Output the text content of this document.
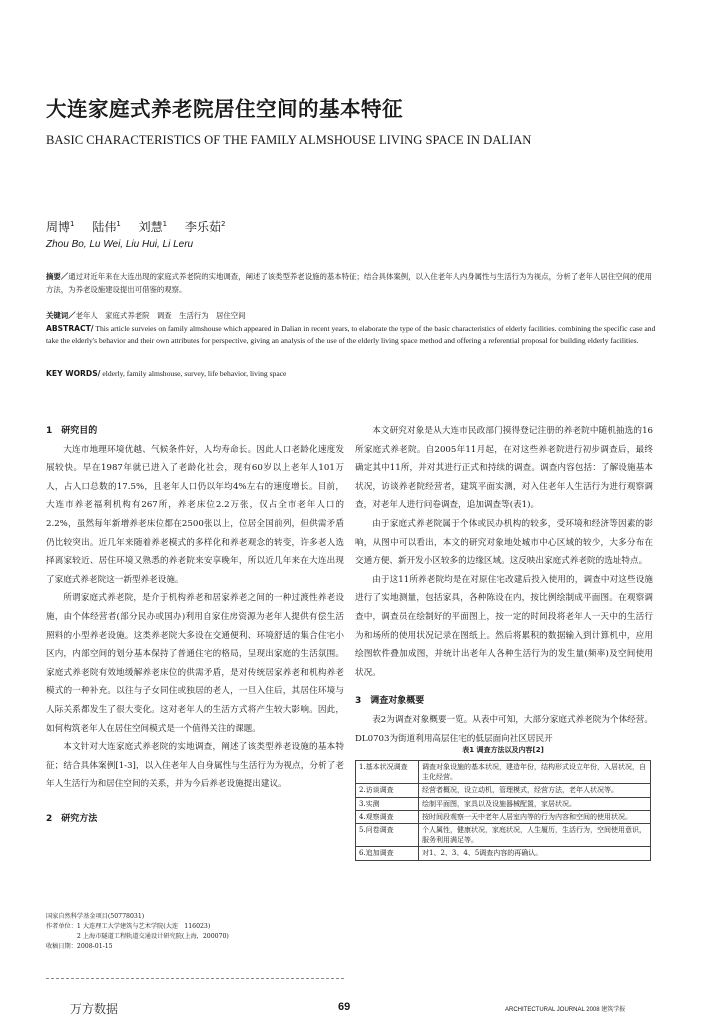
大连家庭式养老院居住空间的基本特征
BASIC CHARACTERISTICS OF THE FAMILY ALMSHOUSE LIVING SPACE IN DALIAN
周博$^1$ 陆伟$^1$ 刘慧$^1$ 李乐茹$^2$
Zhou Bo, Lu Wei, Liu Hui, Li Leru
摘要／通过对近年来在大连出现的家庭式养老院的实地调查，阐述了该类型养老设施的基本特征；结合具体案例，以入住老年人内身属性与生活行为为视点，分析了老年人居住空间的使用方法，为养老设施建设提出可借鉴的观察。
关键词／老年人　家庭式养老院　调查　生活行为　居住空间
ABSTRACT/ This article surveies on family almshouse which appeared in Dalian in recent years, to elaborate the type of the basic characteristics of elderly facilities. combining the specific case and take the elderly's behavior and their own attributes for perspective, giving an analysis of the use of the elderly living space method and offering a referential proposal for building elderly facilities.
KEY WORDS/ elderly, family almshouse, survey, life behavior, living space
1　研究目的

大连市地理环境优越、气候条件好，人均寿命长。因此人口老龄化速度发展较快。早在1987年就已进入了老龄化社会，现有60岁以上老年人101万人，占人口总数的17.5%，且老年人口仍以年均4%左右的速度增长。目前，大连市养老福利机构有267所，养老床位2.2万张，仅占全市老年人口的2.2%，虽然每年新增养老床位都在2500张以上，位居全国前列，但供需矛盾仍比较突出。近几年来随着养老模式的多样化和养老观念的转变，许多老人选择离家较近、居住环境又熟悉的养老院来安享晚年，所以近几年来在大连出现了家庭式养老院这一新型养老设施。

所谓家庭式养老院，是介于机构养老和居家养老之间的一种过渡性养老设施，由个体经营者(部分民办或国办)利用自家住房资源为老年人提供有偿生活照料的小型养老设施。这类养老院大多设在交通便利、环境舒适的集合住宅小区内，内部空间的划分基本保持了普通住宅的格局，呈现出家庭的生活氛围。家庭式养老院有效地缓解养老床位的供需矛盾，是对传统居家养老和机构养老模式的一种补充。以往与子女同住或独居的老人，一旦入住后，其居住环境与人际关系都发生了很大变化。这对老年人的生活方式将产生较大影响。因此，如何构筑老年人在居住空间模式是一个值得关注的课题。

本文针对大连家庭式养老院的实地调查，阐述了该类型养老设施的基本特征；结合具体案例[1-3]，以入住老年人自身属性与生活行为为视点，分析了老年人生活行为和居住空间的关系，并为今后养老设施提出建议。

2　研究方法

本文研究对象是从大连市民政部门摸得登记注册的养老院中随机抽选的16所家庭式养老院。自2005年11月起，在对这些养老院进行初步调查后，最终确定其中11所，并对其进行正式和持续的调查。调查内容包括：了解设施基本状况，访谈养老院经营者，建筑平面实测，对入住老年人生活行为进行观察调查，对老年人进行问卷调查，追加调查等(表1)。

由于家庭式养老院属于个体或民办机构的较多，受环境和经济等因素的影响，从图中可以看出，本文的研究对象地处城市中心区域的较少，大多分布在交通方便、新开发小区较多的边缘区域。这反映出家庭式养老院的选址特点。

由于这11所养老院均是在对原住宅改建后投入使用的，调查中对这些设施进行了实地测量，包括家具，各种陈设在内，按比例绘制成平面图。在观察调查中，调查员在绘制好的平面图上，按一定的时间段将老年人一天中的生活行为和场所的使用状况记录在图纸上。然后将累积的数据输入到计算机中，应用绘图软件叠加成图，并统计出老年人各种生活行为的发生量(频率)及空间使用状况。

3　调查对象概要

表2为调查对象概要一览。从表中可知，大部分家庭式养老院为个体经营。DL0703为街道利用高层住宅的低层面向社区居民开

表1 调查方法以及内容[2]
1.基本状况调查	调查对象设施的基本状况，建造年份，结构形式设立年份，入居状况，自主化经营。
2.访谈调查	经营者概况，设立动机，管理模式，经营方法，老年人状况等。
3.实测	绘制平面图，家具以及设施器械配置，家居状况。
4.观察调查	按时间段观察一天中老年人居室内等的行为内容和空间的使用状况。
5.问卷调查	个人属性，健康状况，家庭状况，人生履历，生活行为，空间使用意识，服务利用满足等。
6.追加调查	对1、2、3、4、5调查内容的再确认。
国家自然科学基金项目(50778031)
作者单位：1 大连理工大学建筑与艺术学院(大连　116023)
　　　　　2 上海市隧道工程轨道交通设计研究院(上海，200070)
收稿日期：2008-01-15
万方数据	69	ARCHITECTURAL JOURNAL 2008 建筑学报
